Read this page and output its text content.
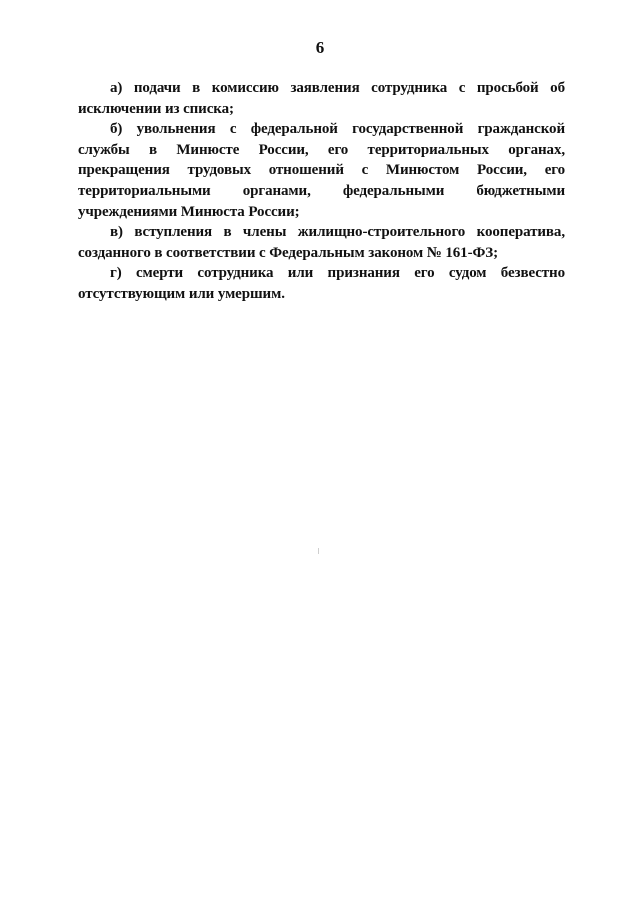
6

а) подачи в комиссию заявления сотрудника с просьбой об исключении из списка;

б) увольнения с федеральной государственной гражданской службы в Минюсте России, его территориальных органах, прекращения трудовых отношений с Минюстом России, его территориальными органами, федеральными бюджетными учреждениями Минюста России;

в) вступления в члены жилищно-строительного кооператива, созданного в соответствии с Федеральным законом № 161-ФЗ;

г) смерти сотрудника или признания его судом безвестно отсутствующим или умершим.
